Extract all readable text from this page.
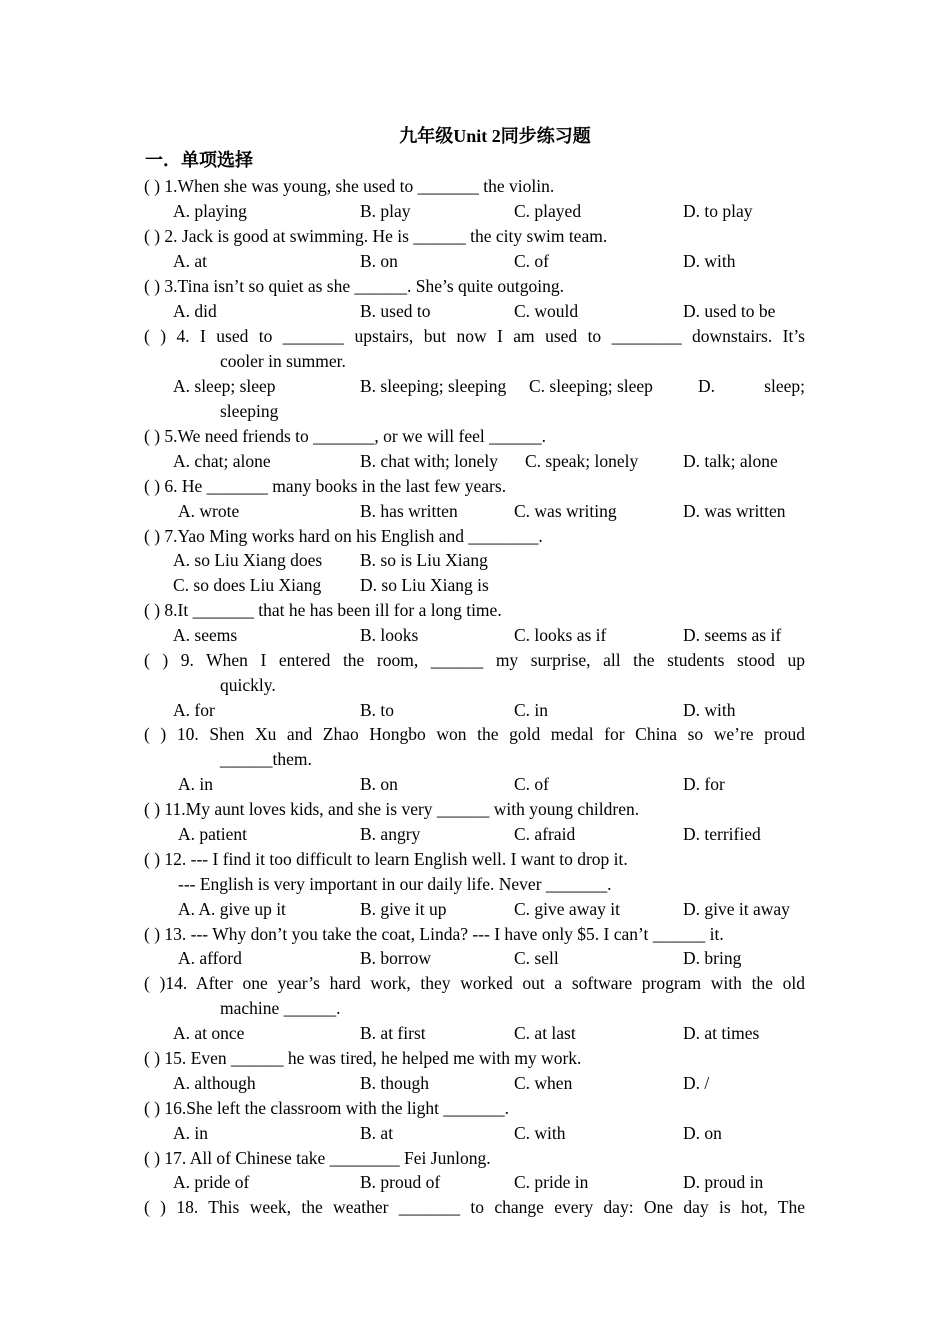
九年级Unit 2同步练习题
一．单项选择
( ) 1.When she was young, she used to _______ the violin.
A. playing	B. play	C. played	D. to play
( ) 2. Jack is good at swimming. He is ______ the city swim team.
A. at	B. on	C. of	D. with
( ) 3.Tina isn’t so quiet as she ______. She’s quite outgoing.
A. did	B. used to	C. would	D. used to be
( ) 4. I used to _______ upstairs, but now I am used to ________ downstairs. It’s
cooler in summer.
A. sleep; sleep	B. sleeping; sleeping C. sleeping; sleep	D. sleep;
sleeping
( ) 5.We need friends to _______, or we will feel ______.
A. chat; alone	B. chat with; lonely C. speak; lonely	D. talk; alone
( ) 6. He _______ many books in the last few years.
A. wrote	B. has written	C. was writing	D. was written
( ) 7.Yao Ming works hard on his English and ________.
A. so Liu Xiang does B. so is Liu Xiang
C. so does Liu Xiang D. so Liu Xiang is
( ) 8.It _______ that he has been ill for a long time.
A. seems	B. looks	C. looks as if	D. seems as if
( ) 9. When I entered the room, ______ my surprise, all the students stood up
quickly.
A. for	B. to	C. in	D. with
( ) 10. Shen Xu and Zhao Hongbo won the gold medal for China so we’re proud
______them.
A. in	B. on	C. of	D. for
( ) 11.My aunt loves kids, and she is very ______ with young children.
A. patient	B. angry	C. afraid	D. terrified
( ) 12. --- I find it too difficult to learn English well. I want to drop it.
--- English is very important in our daily life. Never _______.
A. A. give up it	B. give it up	C. give away it	D. give it away
( ) 13. --- Why don’t you take the coat, Linda? --- I have only $5. I can’t ______ it.
A. afford	B. borrow	C. sell	D. bring
( )14. After one year’s hard work, they worked out a software program with the old
machine ______.
A. at once	B. at first	C. at last	D. at times
( ) 15. Even ______ he was tired, he helped me with my work.
A. although	B. though	C. when	D. /
( ) 16.She left the classroom with the light _______.
A. in	B. at	C. with	D. on
( ) 17. All of Chinese take ________ Fei Junlong.
A. pride of	B. proud of	C. pride in	D. proud in
( ) 18. This week, the weather _______ to change every day: One day is hot, The
